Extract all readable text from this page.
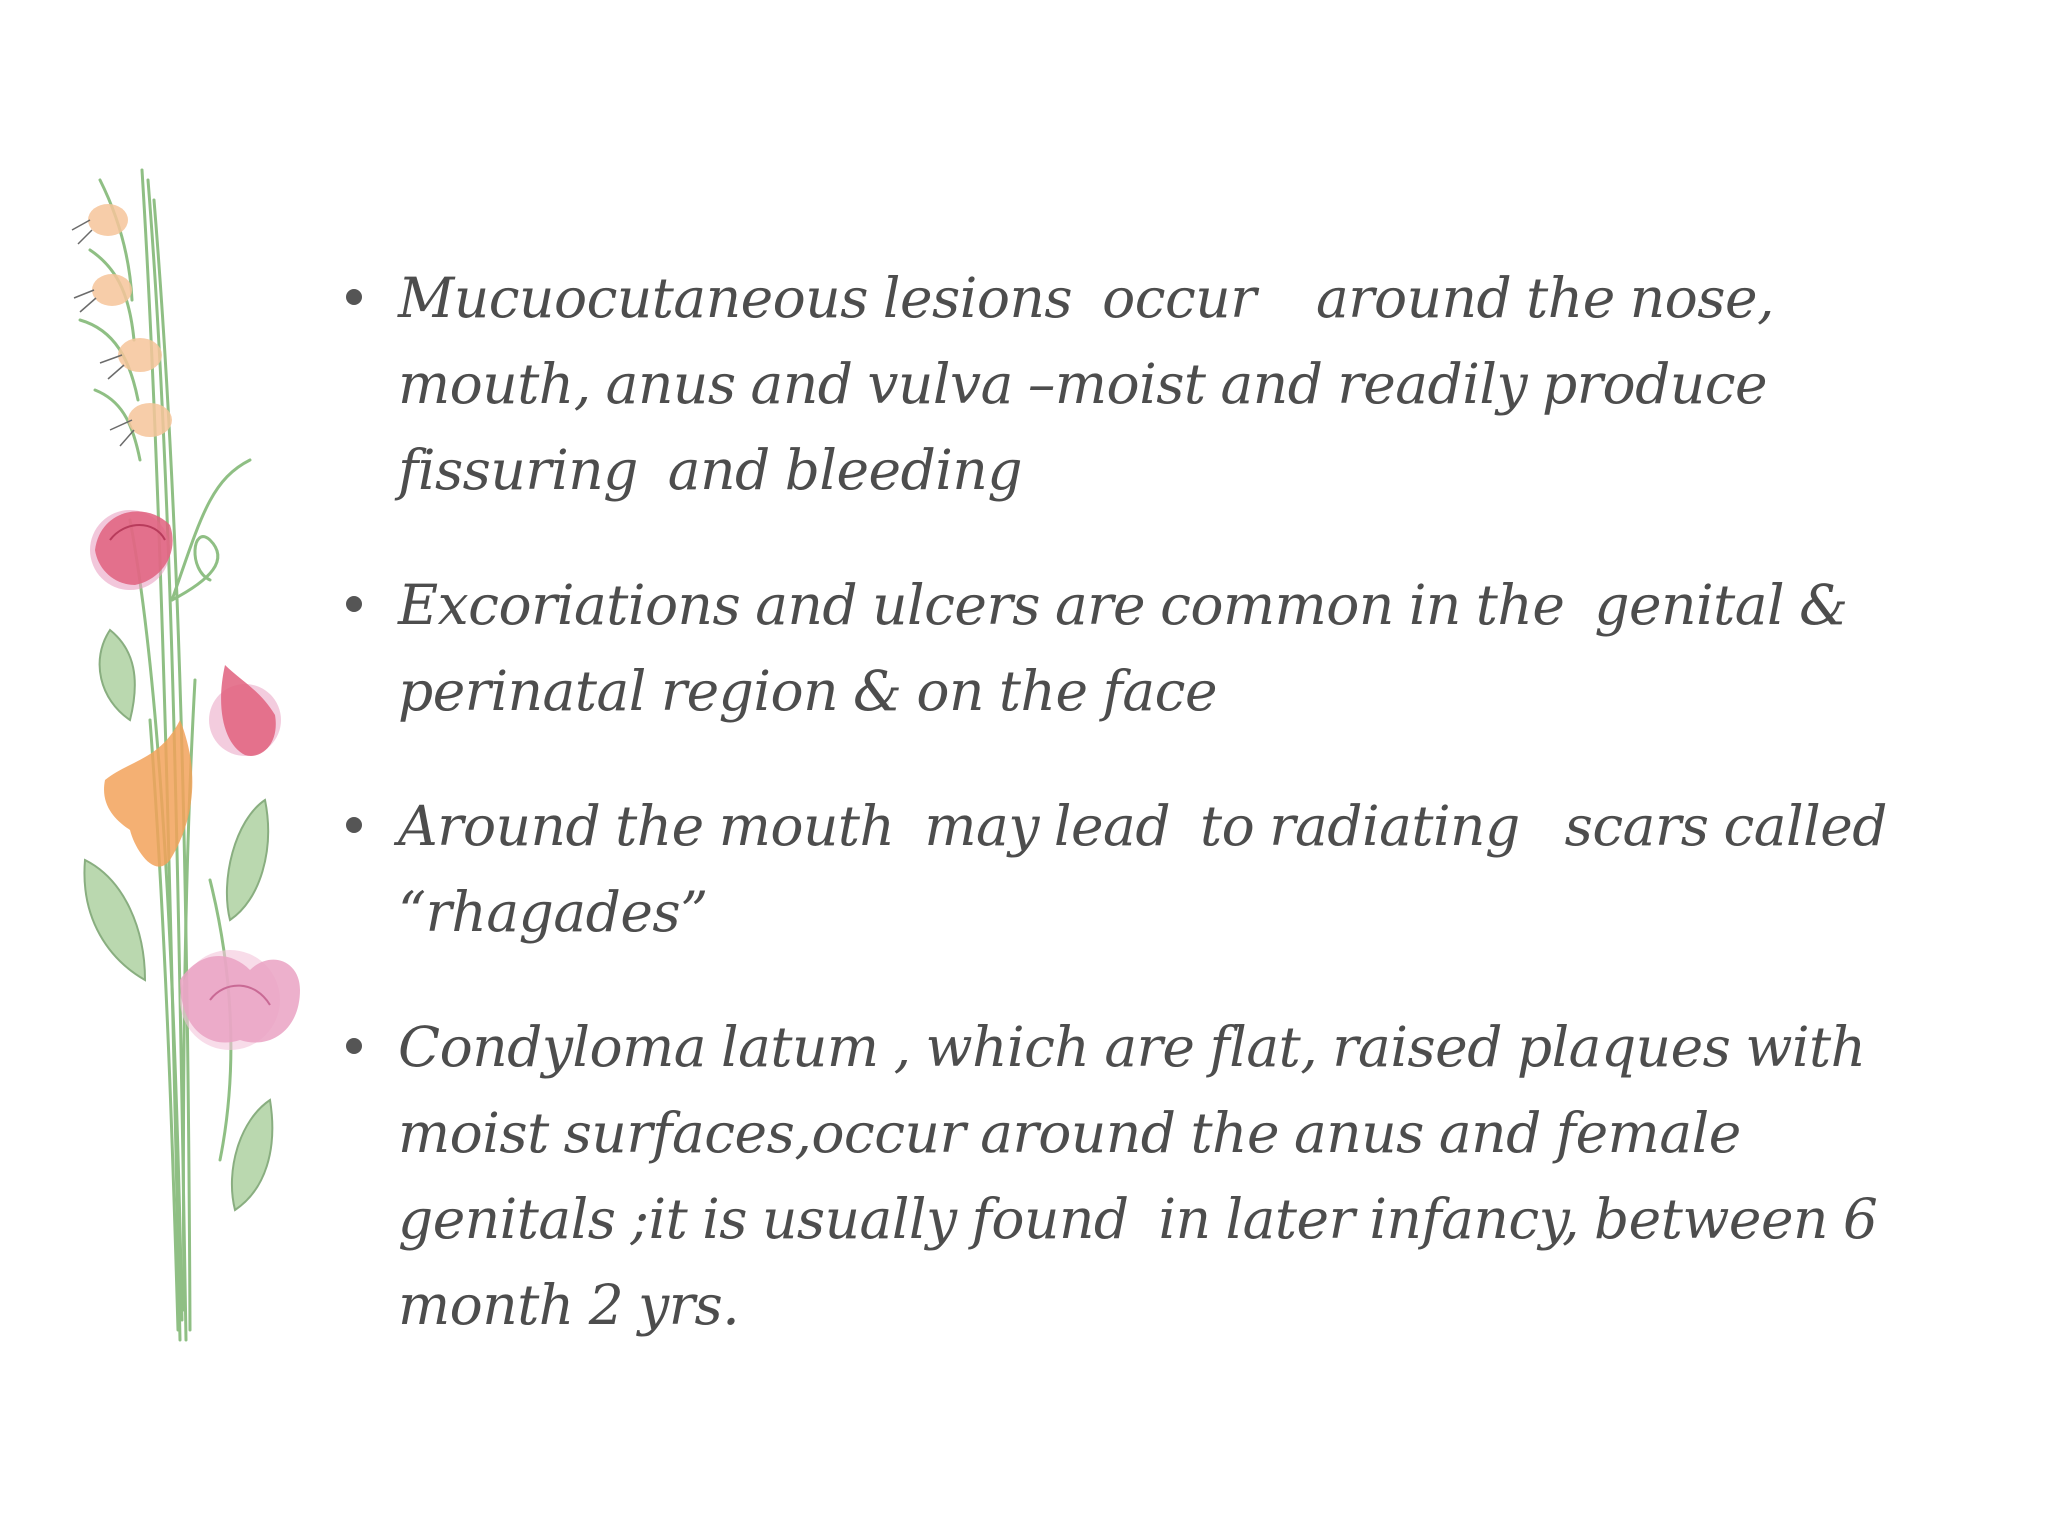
Mucuocutaneous lesions  occur    around the nose, mouth, anus and vulva –moist and readily produce fissuring  and bleeding
Excoriations and ulcers are common in the  genital & perinatal region & on the face
Around the mouth  may lead  to radiating   scars called “rhagades”
Condyloma latum , which are flat, raised plaques with moist surfaces,occur around the anus and female  genitals ;it is usually found  in later infancy, between 6 month 2 yrs.
